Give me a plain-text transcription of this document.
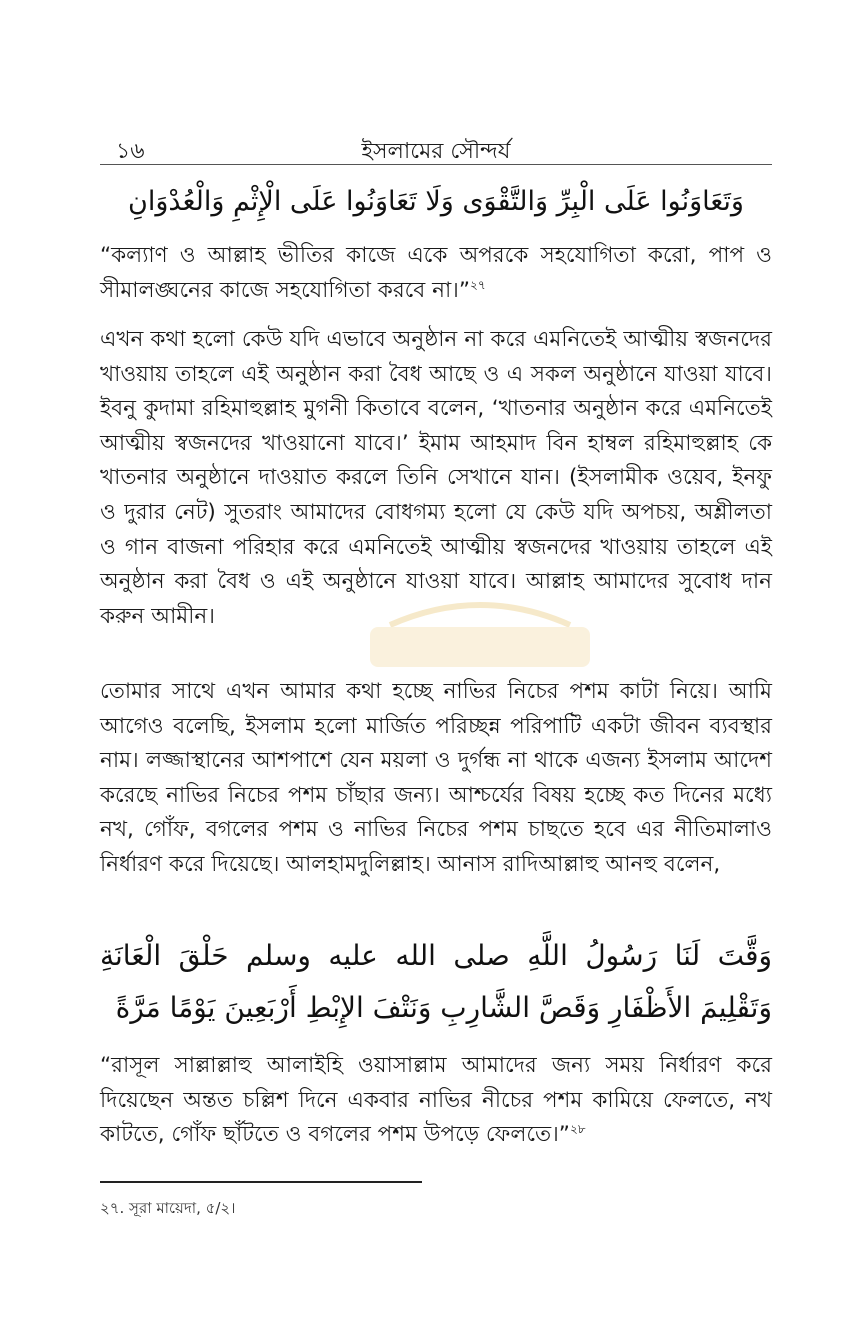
১৬	ইসলামের সৌন্দর্য
وَتَعَاوَنُوا عَلَى الْبِرِّ وَالتَّقْوَى وَلَا تَعَاوَنُوا عَلَى الْإِثْمِ وَالْعُدْوَانِ

“কল্যাণ ও আল্লাহ ভীতির কাজে একে অপরকে সহযোগিতা করো, পাপ ও সীমালঙ্ঘনের কাজে সহযোগিতা করবে না।”$^{২৭}$

এখন কথা হলো কেউ যদি এভাবে অনুষ্ঠান না করে এমনিতেই আত্মীয় স্বজনদের খাওয়ায় তাহলে এই অনুষ্ঠান করা বৈধ আছে ও এ সকল অনুষ্ঠানে যাওয়া যাবে। ইবনু কুদামা রহিমাহুল্লাহ মুগনী কিতাবে বলেন, ‘খাতনার অনুষ্ঠান করে এমনিতেই আত্মীয় স্বজনদের খাওয়ানো যাবে।’ ইমাম আহমাদ বিন হাম্বল রহিমাহুল্লাহ কে খাতনার অনুষ্ঠানে দাওয়াত করলে তিনি সেখানে যান। (ইসলামীক ওয়েব, ইনফু ও দুরার নেট) সুতরাং আমাদের বোধগম্য হলো যে কেউ যদি অপচয়, অশ্লীলতা ও গান বাজনা পরিহার করে এমনিতেই আত্মীয় স্বজনদের খাওয়ায় তাহলে এই অনুষ্ঠান করা বৈধ ও এই অনুষ্ঠানে যাওয়া যাবে। আল্লাহ আমাদের সুবোধ দান করুন আমীন।

তোমার সাথে এখন আমার কথা হচ্ছে নাভির নিচের পশম কাটা নিয়ে। আমি আগেও বলেছি, ইসলাম হলো মার্জিত পরিচ্ছন্ন পরিপাটি একটা জীবন ব্যবস্থার নাম। লজ্জাস্থানের আশপাশে যেন ময়লা ও দুর্গন্ধ না থাকে এজন্য ইসলাম আদেশ করেছে নাভির নিচের পশম চাঁছার জন্য। আশ্চর্যের বিষয় হচ্ছে কত দিনের মধ্যে নখ, গোঁফ, বগলের পশম ও নাভির নিচের পশম চাছতে হবে এর নীতিমালাও নির্ধারণ করে দিয়েছে। আলহামদুলিল্লাহ। আনাস রাদিআল্লাহু আনহু বলেন,

وَقَّتَ لَنَا رَسُولُ اللَّهِ صلى الله عليه وسلم حَلْقَ الْعَانَةِ وَتَقْلِيمَ الأَظْفَارِ وَقَصَّ الشَّارِبِ وَنَتْفَ الإِبْطِ أَرْبَعِينَ يَوْمًا مَرَّةً

“রাসূল সাল্লাল্লাহু আলাইহি ওয়াসাল্লাম আমাদের জন্য সময় নির্ধারণ করে দিয়েছেন অন্তত চল্লিশ দিনে একবার নাভির নীচের পশম কামিয়ে ফেলতে, নখ কাটতে, গোঁফ ছাঁটতে ও বগলের পশম উপড়ে ফেলতে।”$^{২৮}$

২৭. সূরা মায়েদা, ৫/২।
